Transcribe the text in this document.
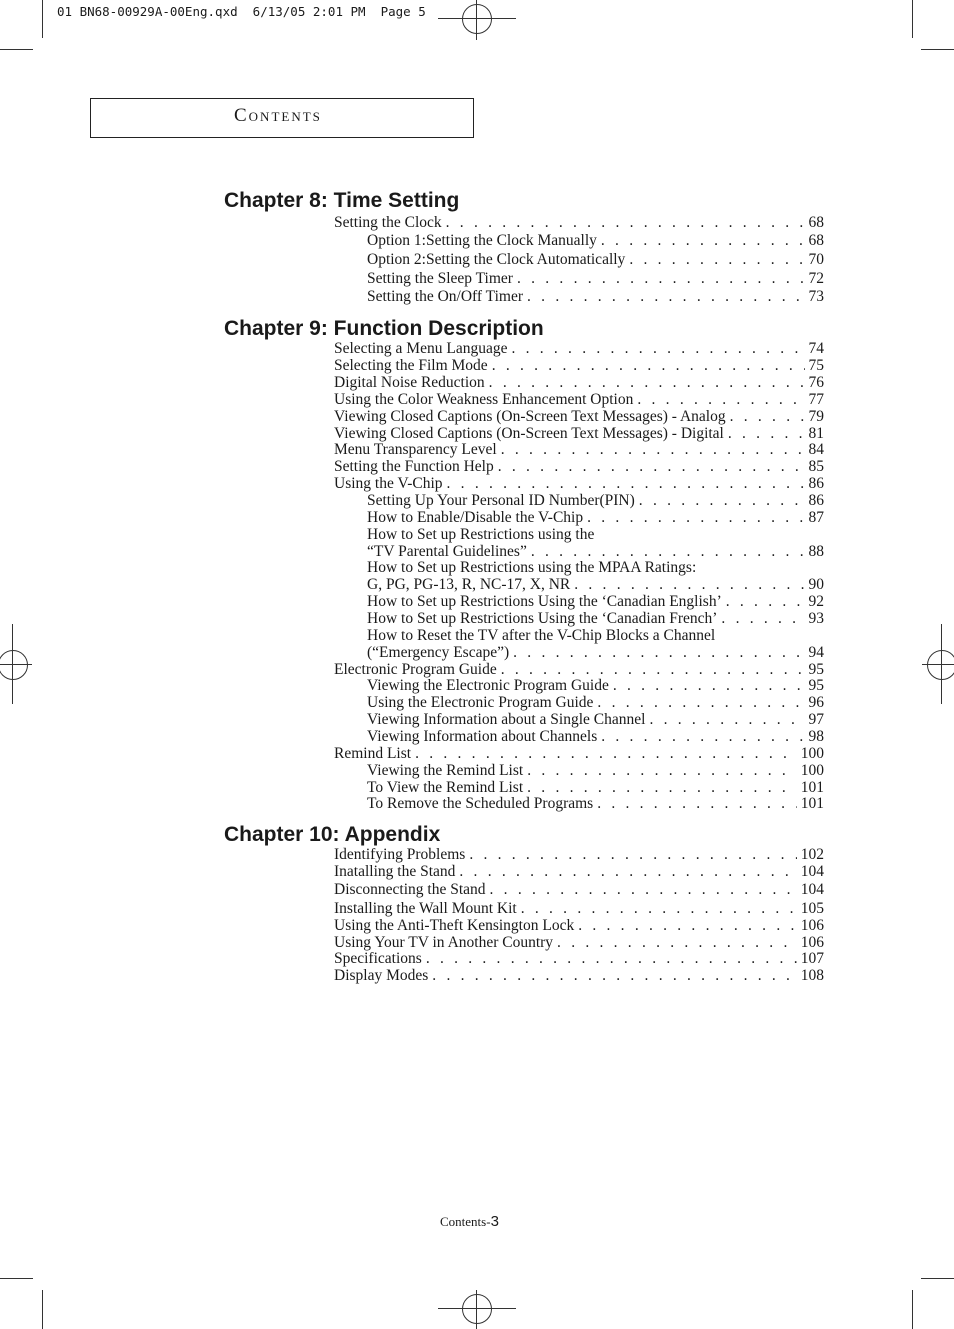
01 BN68-00929A-00Eng.qxd  6/13/05 2:01 PM  Page 5
Contents
Chapter 8: Time Setting
Setting the Clock . . .	68
Option 1:Setting the Clock Manually . . .	68
Option 2:Setting the Clock Automatically . . .	70
Setting the Sleep Timer . . .	72
Setting the On/Off Timer . . .	73
Chapter 9: Function Description
Selecting a Menu Language . . .	74
Selecting the Film Mode . . .	75
Digital Noise Reduction . . .	76
Using the Color Weakness Enhancement Option . . .	77
Viewing Closed Captions (On-Screen Text Messages) - Analog . . .	79
Viewing Closed Captions (On-Screen Text Messages) - Digital . . .	81
Menu Transparency Level . . .	84
Setting the Function Help . . .	85
Using the V-Chip . . .	86
Setting Up Your Personal ID Number(PIN) . . .	86
How to Enable/Disable the V-Chip . . .	87
How to Set up Restrictions using the
“TV Parental Guidelines” . . .	88
How to Set up Restrictions using the MPAA Ratings:
G, PG, PG-13, R, NC-17, X, NR . . .	90
How to Set up Restrictions Using the ‘Canadian English’ . . .	92
How to Set up Restrictions Using the ‘Canadian French’ . . .	93
How to Reset the TV after the V-Chip Blocks a Channel
(“Emergency Escape”) . . .	94
Electronic Program Guide . . .	95
Viewing the Electronic Program Guide . . .	95
Using the Electronic Program Guide . . .	96
Viewing Information about a Single Channel . . .	97
Viewing Information about Channels . . .	98
Remind List . . .	100
Viewing the Remind List . . .	100
To View the Remind List . . .	101
To Remove the Scheduled Programs . . .	101
Chapter 10: Appendix
Identifying Problems . . .	102
Inatalling the Stand . . .	104
Disconnecting the Stand . . .	104
Installing the Wall Mount Kit . . .	105
Using the Anti-Theft Kensington Lock . . .	106
Using Your TV in Another Country . . .	106
Specifications . . .	107
Display Modes . . .	108
Contents-3
